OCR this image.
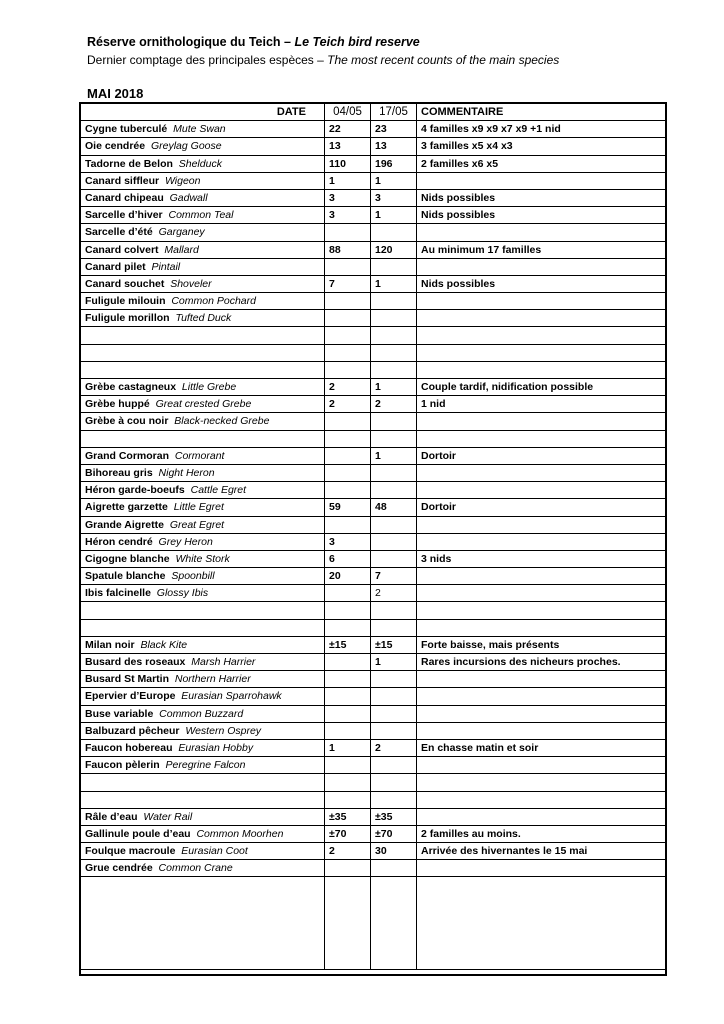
Réserve ornithologique du Teich – Le Teich bird reserve
Dernier comptage des principales espèces – The most recent counts of the main species
MAI 2018
DATE	04/05	17/05	COMMENTAIRE
Cygne tuberculé Mute Swan	22	23	4 familles x9 x9 x7 x9 +1 nid
Oie cendrée Greylag Goose	13	13	3 familles x5 x4 x3
Tadorne de Belon Shelduck	110	196	2 familles x6 x5
Canard siffleur Wigeon	1	1	
Canard chipeau Gadwall	3	3	Nids possibles
Sarcelle d’hiver Common Teal	3	1	Nids possibles
Sarcelle d’été Garganey			
Canard colvert Mallard	88	120	Au minimum 17 familles
Canard pilet Pintail			
Canard souchet Shoveler	7	1	Nids possibles
Fuligule milouin Common Pochard			
Fuligule morillon Tufted Duck			

Grèbe castagneux Little Grebe	2	1	Couple tardif, nidification possible
Grèbe huppé Great crested Grebe	2	2	1 nid
Grèbe à cou noir Black-necked Grebe			

Grand Cormoran Cormorant		1	Dortoir
Bihoreau gris Night Heron			
Héron garde-boeufs Cattle Egret			
Aigrette garzette Little Egret	59	48	Dortoir
Grande Aigrette Great Egret			
Héron cendré Grey Heron	3		
Cigogne blanche White Stork	6		3 nids
Spatule blanche Spoonbill	20	7	
Ibis falcinelle Glossy Ibis		2	

Milan noir Black Kite	±15	±15	Forte baisse, mais présents
Busard des roseaux Marsh Harrier		1	Rares incursions des nicheurs proches.
Busard St Martin Northern Harrier			
Epervier d’Europe Eurasian Sparrohawk			
Buse variable Common Buzzard			
Balbuzard pêcheur Western Osprey			
Faucon hobereau Eurasian Hobby	1	2	En chasse matin et soir
Faucon pèlerin Peregrine Falcon			

Râle d’eau Water Rail	±35	±35	
Gallinule poule d’eau Common Moorhen	±70	±70	2 familles au moins.
Foulque macroule Eurasian Coot	2	30	Arrivée des hivernantes le 15 mai
Grue cendrée Common Crane			
